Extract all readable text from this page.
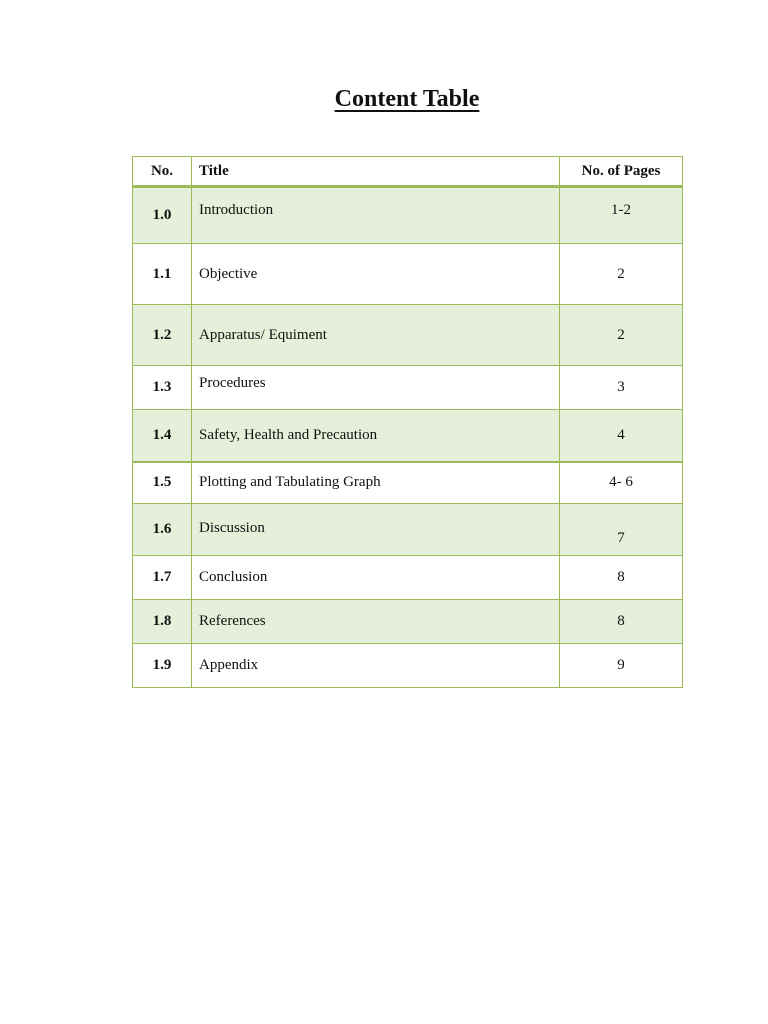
Content Table
No.	Title	No. of Pages
1.0	Introduction	1-2
1.1	Objective	2
1.2	Apparatus/ Equiment	2
1.3	Procedures	3
1.4	Safety, Health and Precaution	4
1.5	Plotting and Tabulating Graph	4- 6
1.6	Discussion	7
1.7	Conclusion	8
1.8	References	8
1.9	Appendix	9
